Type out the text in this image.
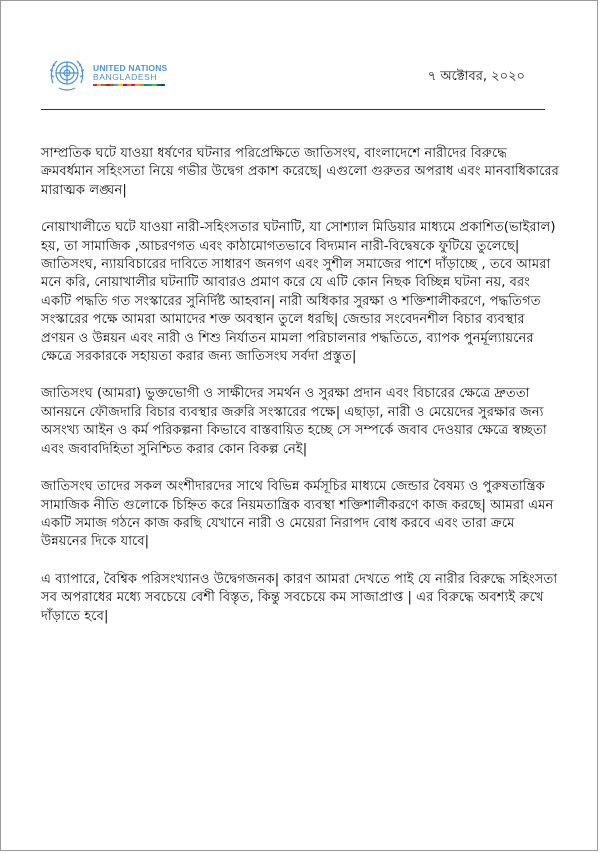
UNITED NATIONS
BANGLADESH	৭ অক্টোবর, ২০২০

সাম্প্রতিক ঘটে যাওয়া ধর্ষণের ঘটনার পরিপ্রেক্ষিতে জাতিসংঘ, বাংলাদেশে নারীদের বিরুদ্ধে ক্রমবর্ধমান সহিংসতা নিয়ে গভীর উদ্বেগ প্রকাশ করেছে| এগুলো গুরুতর অপরাধ এবং মানবাধিকারের মারাত্মক লঙ্ঘন|

নোয়াখালীতে ঘটে যাওয়া নারী-সহিংসতার ঘটনাটি, যা সোশ্যাল মিডিয়ার মাধ্যমে প্রকাশিত(ভাইরাল) হয়, তা সামাজিক ,আচরণগত এবং কাঠামোগতভাবে বিদ্যমান নারী-বিদ্বেষকে ফুটিয়ে তুলেছে| জাতিসংঘ, ন্যায়বিচারের দাবিতে সাধারণ জনগণ এবং সুশীল সমাজের পাশে দাঁড়াচ্ছে , তবে আমরা মনে করি, নোয়াখালীর ঘটনাটি আবারও প্রমাণ করে যে এটি কোন নিছক বিচ্ছিন্ন ঘটনা নয়, বরং একটি পদ্ধতি গত সংস্কারের সুনির্দিষ্ট আহবান| নারী অধিকার সুরক্ষা ও শক্তিশালীকরণে, পদ্ধতিগত সংস্কারের পক্ষে আমরা আমাদের শক্ত অবস্থান তুলে ধরছি| জেন্ডার সংবেদনশীল বিচার ব্যবস্থার প্রণয়ন ও উন্নয়ন এবং নারী ও শিশু নির্যাতন মামলা পরিচালনার পদ্ধতিতে, ব্যাপক পুনর্মূল্যায়নের ক্ষেত্রে সরকারকে সহায়তা করার জন্য জাতিসংঘ সর্বদা প্রস্তুত|

জাতিসংঘ (আমরা) ভুক্তভোগী ও সাক্ষীদের সমর্থন ও সুরক্ষা প্রদান এবং বিচারের ক্ষেত্রে দ্রুততা আনয়নে ফৌজদারি বিচার ব্যবস্থার জরুরি সংস্কারের পক্ষে| এছাড়া, নারী ও মেয়েদের সুরক্ষার জন্য অসংখ্য আইন ও কর্ম পরিকল্পনা কিভাবে বাস্তবায়িত হচ্ছে সে সম্পর্কে জবাব দেওয়ার ক্ষেত্রে স্বচ্ছতা এবং জবাবদিহিতা সুনিশ্চিত করার কোন বিকল্প নেই|

জাতিসংঘ তাদের সকল অংশীদারদের সাথে বিভিন্ন কর্মসূচির মাধ্যমে জেন্ডার বৈষম্য ও পুরুষতান্ত্রিক সামাজিক নীতি গুলোকে চিহ্নিত করে নিয়মতান্ত্রিক ব্যবস্থা শক্তিশালীকরণে কাজ করছে| আমরা এমন একটি সমাজ গঠনে কাজ করছি যেখানে নারী ও মেয়েরা নিরাপদ বোধ করবে এবং তারা ক্রমে উন্নয়নের দিকে যাবে|

এ ব্যাপারে, বৈশ্বিক পরিসংখ্যানও উদ্বেগজনক| কারণ আমরা দেখতে পাই যে নারীর বিরুদ্ধে সহিংসতা সব অপরাধের মধ্যে সবচেয়ে বেশী বিস্তৃত, কিন্তু সবচেয়ে কম সাজাপ্রাপ্ত | এর বিরুদ্ধে অবশ্যই রুখে দাঁড়াতে হবে|
